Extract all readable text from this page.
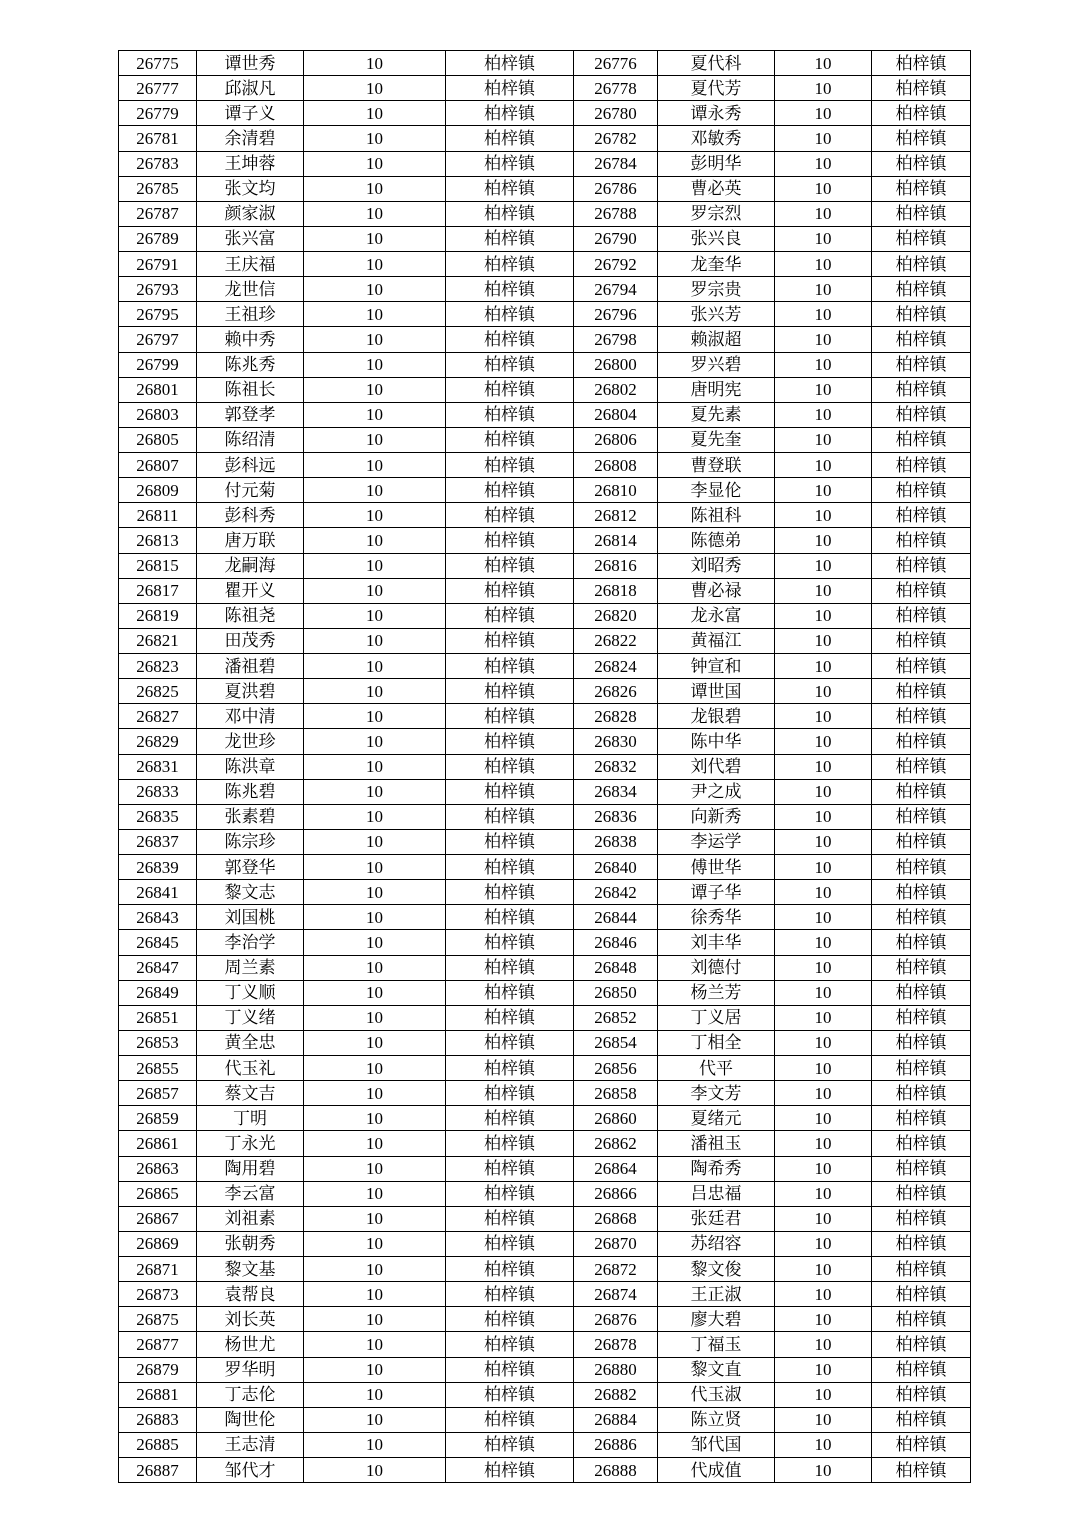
26775	谭世秀	10	柏梓镇	26776	夏代科	10	柏梓镇
26777	邱淑凡	10	柏梓镇	26778	夏代芳	10	柏梓镇
26779	谭子义	10	柏梓镇	26780	谭永秀	10	柏梓镇
26781	余清碧	10	柏梓镇	26782	邓敏秀	10	柏梓镇
26783	王坤蓉	10	柏梓镇	26784	彭明华	10	柏梓镇
26785	张文均	10	柏梓镇	26786	曹必英	10	柏梓镇
26787	颜家淑	10	柏梓镇	26788	罗宗烈	10	柏梓镇
26789	张兴富	10	柏梓镇	26790	张兴良	10	柏梓镇
26791	王庆福	10	柏梓镇	26792	龙奎华	10	柏梓镇
26793	龙世信	10	柏梓镇	26794	罗宗贵	10	柏梓镇
26795	王祖珍	10	柏梓镇	26796	张兴芳	10	柏梓镇
26797	赖中秀	10	柏梓镇	26798	赖淑超	10	柏梓镇
26799	陈兆秀	10	柏梓镇	26800	罗兴碧	10	柏梓镇
26801	陈祖长	10	柏梓镇	26802	唐明宪	10	柏梓镇
26803	郭登孝	10	柏梓镇	26804	夏先素	10	柏梓镇
26805	陈绍清	10	柏梓镇	26806	夏先奎	10	柏梓镇
26807	彭科远	10	柏梓镇	26808	曹登联	10	柏梓镇
26809	付元菊	10	柏梓镇	26810	李显伦	10	柏梓镇
26811	彭科秀	10	柏梓镇	26812	陈祖科	10	柏梓镇
26813	唐万联	10	柏梓镇	26814	陈德弟	10	柏梓镇
26815	龙嗣海	10	柏梓镇	26816	刘昭秀	10	柏梓镇
26817	瞿开义	10	柏梓镇	26818	曹必禄	10	柏梓镇
26819	陈祖尧	10	柏梓镇	26820	龙永富	10	柏梓镇
26821	田茂秀	10	柏梓镇	26822	黄福江	10	柏梓镇
26823	潘祖碧	10	柏梓镇	26824	钟宣和	10	柏梓镇
26825	夏洪碧	10	柏梓镇	26826	谭世国	10	柏梓镇
26827	邓中清	10	柏梓镇	26828	龙银碧	10	柏梓镇
26829	龙世珍	10	柏梓镇	26830	陈中华	10	柏梓镇
26831	陈洪章	10	柏梓镇	26832	刘代碧	10	柏梓镇
26833	陈兆碧	10	柏梓镇	26834	尹之成	10	柏梓镇
26835	张素碧	10	柏梓镇	26836	向新秀	10	柏梓镇
26837	陈宗珍	10	柏梓镇	26838	李运学	10	柏梓镇
26839	郭登华	10	柏梓镇	26840	傅世华	10	柏梓镇
26841	黎文志	10	柏梓镇	26842	谭子华	10	柏梓镇
26843	刘国桃	10	柏梓镇	26844	徐秀华	10	柏梓镇
26845	李治学	10	柏梓镇	26846	刘丰华	10	柏梓镇
26847	周兰素	10	柏梓镇	26848	刘德付	10	柏梓镇
26849	丁义顺	10	柏梓镇	26850	杨兰芳	10	柏梓镇
26851	丁义绪	10	柏梓镇	26852	丁义居	10	柏梓镇
26853	黄全忠	10	柏梓镇	26854	丁相全	10	柏梓镇
26855	代玉礼	10	柏梓镇	26856	代平	10	柏梓镇
26857	蔡文吉	10	柏梓镇	26858	李文芳	10	柏梓镇
26859	丁明	10	柏梓镇	26860	夏绪元	10	柏梓镇
26861	丁永光	10	柏梓镇	26862	潘祖玉	10	柏梓镇
26863	陶用碧	10	柏梓镇	26864	陶希秀	10	柏梓镇
26865	李云富	10	柏梓镇	26866	吕忠福	10	柏梓镇
26867	刘祖素	10	柏梓镇	26868	张廷君	10	柏梓镇
26869	张朝秀	10	柏梓镇	26870	苏绍容	10	柏梓镇
26871	黎文基	10	柏梓镇	26872	黎文俊	10	柏梓镇
26873	袁帮良	10	柏梓镇	26874	王正淑	10	柏梓镇
26875	刘长英	10	柏梓镇	26876	廖大碧	10	柏梓镇
26877	杨世尤	10	柏梓镇	26878	丁福玉	10	柏梓镇
26879	罗华明	10	柏梓镇	26880	黎文直	10	柏梓镇
26881	丁志伦	10	柏梓镇	26882	代玉淑	10	柏梓镇
26883	陶世伦	10	柏梓镇	26884	陈立贤	10	柏梓镇
26885	王志清	10	柏梓镇	26886	邹代国	10	柏梓镇
26887	邹代才	10	柏梓镇	26888	代成值	10	柏梓镇
